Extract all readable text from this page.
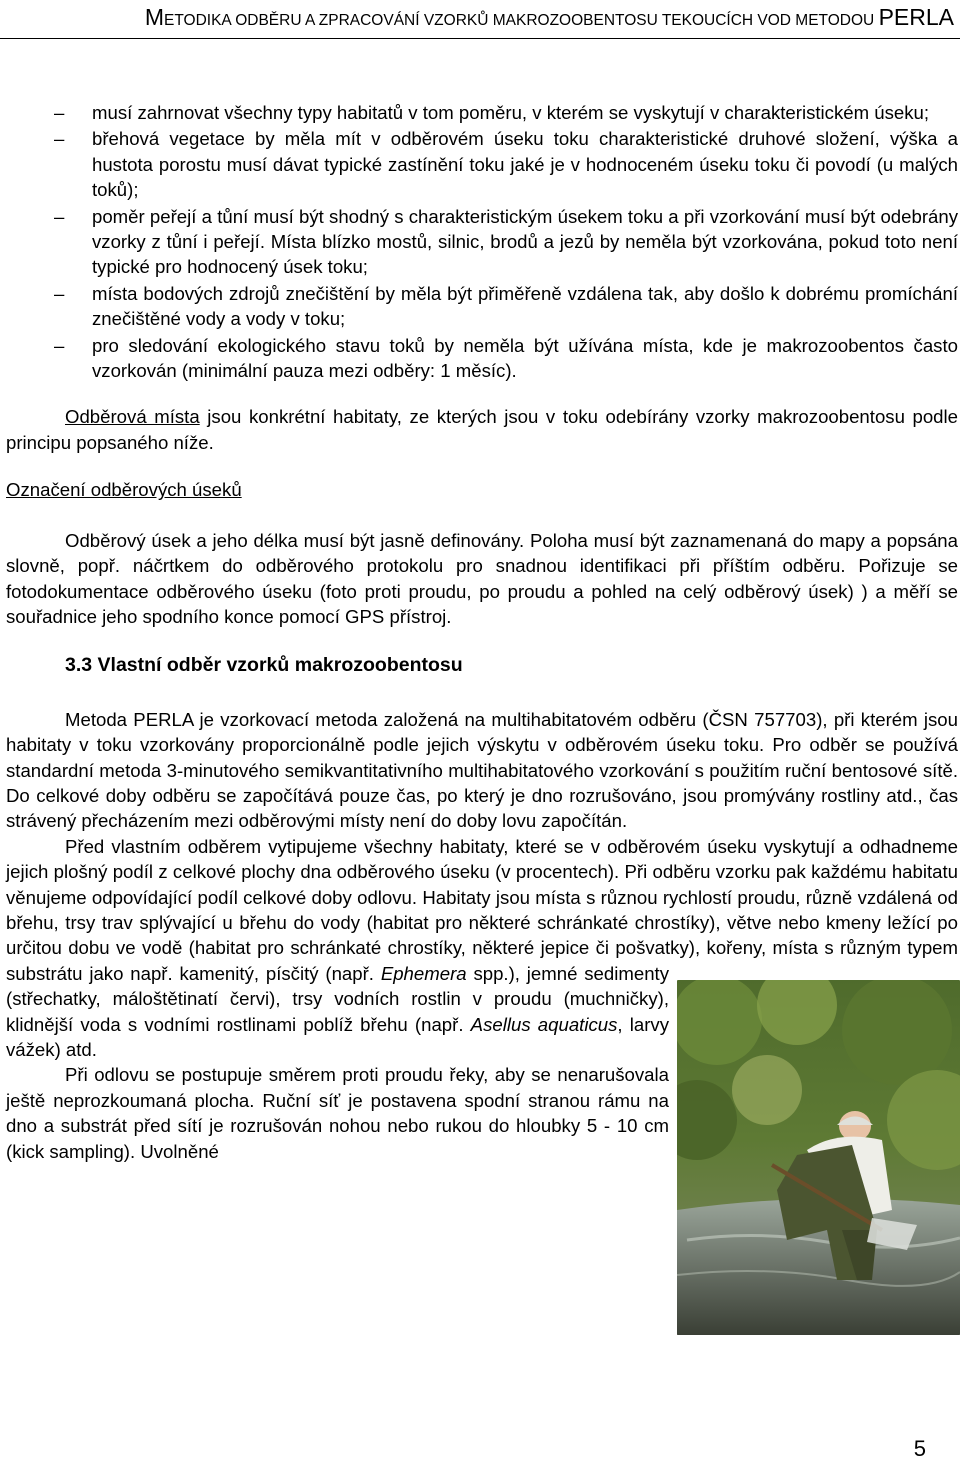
METODIKA ODBĚRU A ZPRACOVÁNÍ VZORKŮ MAKROZOOBENTOSU TEKOUCÍCH VOD METODOU PERLA
– musí zahrnovat všechny typy habitatů v tom poměru, v kterém se vyskytují v charakteristickém úseku;
– břehová vegetace by měla mít v odběrovém úseku toku charakteristické druhové složení, výška a hustota porostu musí dávat typické zastínění toku jaké je v hodnoceném úseku toku či povodí (u malých toků);
– poměr peřejí a tůní musí být shodný s charakteristickým úsekem toku a při vzorkování musí být odebrány vzorky z tůní i peřejí. Místa blízko mostů, silnic, brodů a jezů by neměla být vzorkována, pokud toto není typické pro hodnocený úsek toku;
– místa bodových zdrojů znečištění by měla být přiměřeně vzdálena tak, aby došlo k dobrému promíchání znečištěné vody a vody v toku;
– pro sledování ekologického stavu toků by neměla být užívána místa, kde je makrozoobentos často vzorkován (minimální pauza mezi odběry: 1 měsíc).

Odběrová místa jsou konkrétní habitaty, ze kterých jsou v toku odebírány vzorky makrozoobentosu podle principu popsaného níže.

Označení odběrových úseků

Odběrový úsek a jeho délka musí být jasně definovány. Poloha musí být zaznamenaná do mapy a popsána slovně, popř. náčrtkem do odběrového protokolu pro snadnou identifikaci při příštím odběru. Pořizuje se fotodokumentace odběrového úseku (foto proti proudu, po proudu a pohled na celý odběrový úsek) ) a měří se souřadnice jeho spodního konce pomocí GPS přístroj.

3.3 Vlastní odběr vzorků makrozoobentosu

Metoda PERLA je vzorkovací metoda založená na multihabitatovém odběru (ČSN 757703), při kterém jsou habitaty v toku vzorkovány proporcionálně podle jejich výskytu v odběrovém úseku toku. Pro odběr se používá standardní metoda 3-minutového semikvantitativního multihabitatového vzorkování s použitím ruční bentosové sítě. Do celkové doby odběru se započítává pouze čas, po který je dno rozrušováno, jsou promývány rostliny atd., čas strávený přecházením mezi odběrovými místy není do doby lovu započítán.

Před vlastním odběrem vytipujeme všechny habitaty, které se v odběrovém úseku vyskytují a odhadneme jejich plošný podíl z celkové plochy dna odběrového úseku (v procentech). Při odběru vzorku pak každému habitatu věnujeme odpovídající podíl celkové doby odlovu. Habitaty jsou místa s různou rychlostí proudu, různě vzdálená od břehu, trsy trav splývající u břehu do vody (habitat pro některé schránkaté chrostíky), větve nebo kmeny ležící po určitou dobu ve vodě (habitat pro schránkaté chrostíky, některé jepice či pošvatky), kořeny, místa s různým typem substrátu jako např. kamenitý, písčitý (např. Ephemera spp.), jemné sedimenty (střechatky, máloštětinatí červi), trsy vodních rostlin v proudu (muchničky), klidnější voda s vodními rostlinami poblíž břehu (např. Asellus aquaticus, larvy vážek) atd.

Při odlovu se postupuje směrem proti proudu řeky, aby se nenarušovala ještě neprozkoumaná plocha. Ruční síť je postavena spodní stranou rámu na dno a substrát před sítí je rozrušován nohou nebo rukou do hloubky 5 - 10 cm (kick sampling). Uvolněné

5
